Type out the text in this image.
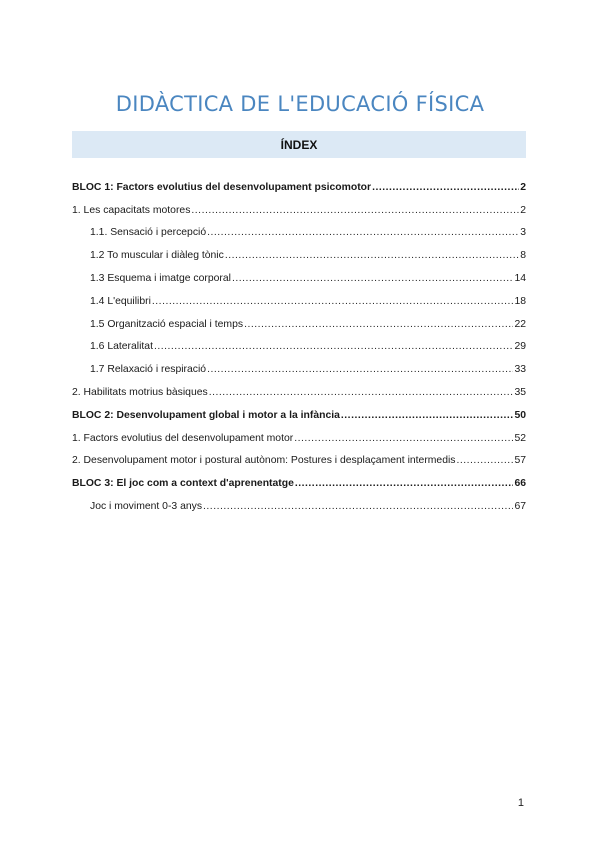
DIDÀCTICA DE L'EDUCACIÓ FÍSICA
ÍNDEX
BLOC 1: Factors evolutius del desenvolupament psicomotor .....	2
1. Les capacitats motores .....	2
1.1. Sensació i percepció .....	3
1.2 To muscular i diàleg tònic .....	8
1.3 Esquema i imatge corporal .....	14
1.4 L'equilibri .....	18
1.5 Organització espacial i temps .....	22
1.6 Lateralitat .....	29
1.7 Relaxació i respiració .....	33
2. Habilitats motrius bàsiques .....	35
BLOC 2: Desenvolupament global i motor a la infància .....	50
1. Factors evolutius del desenvolupament motor .....	52
2. Desenvolupament motor i postural autònom: Postures i desplaçament intermedis .....	57
BLOC 3: El joc com a context d'aprenentatge .....	66
Joc i moviment 0-3 anys .....	67
1
